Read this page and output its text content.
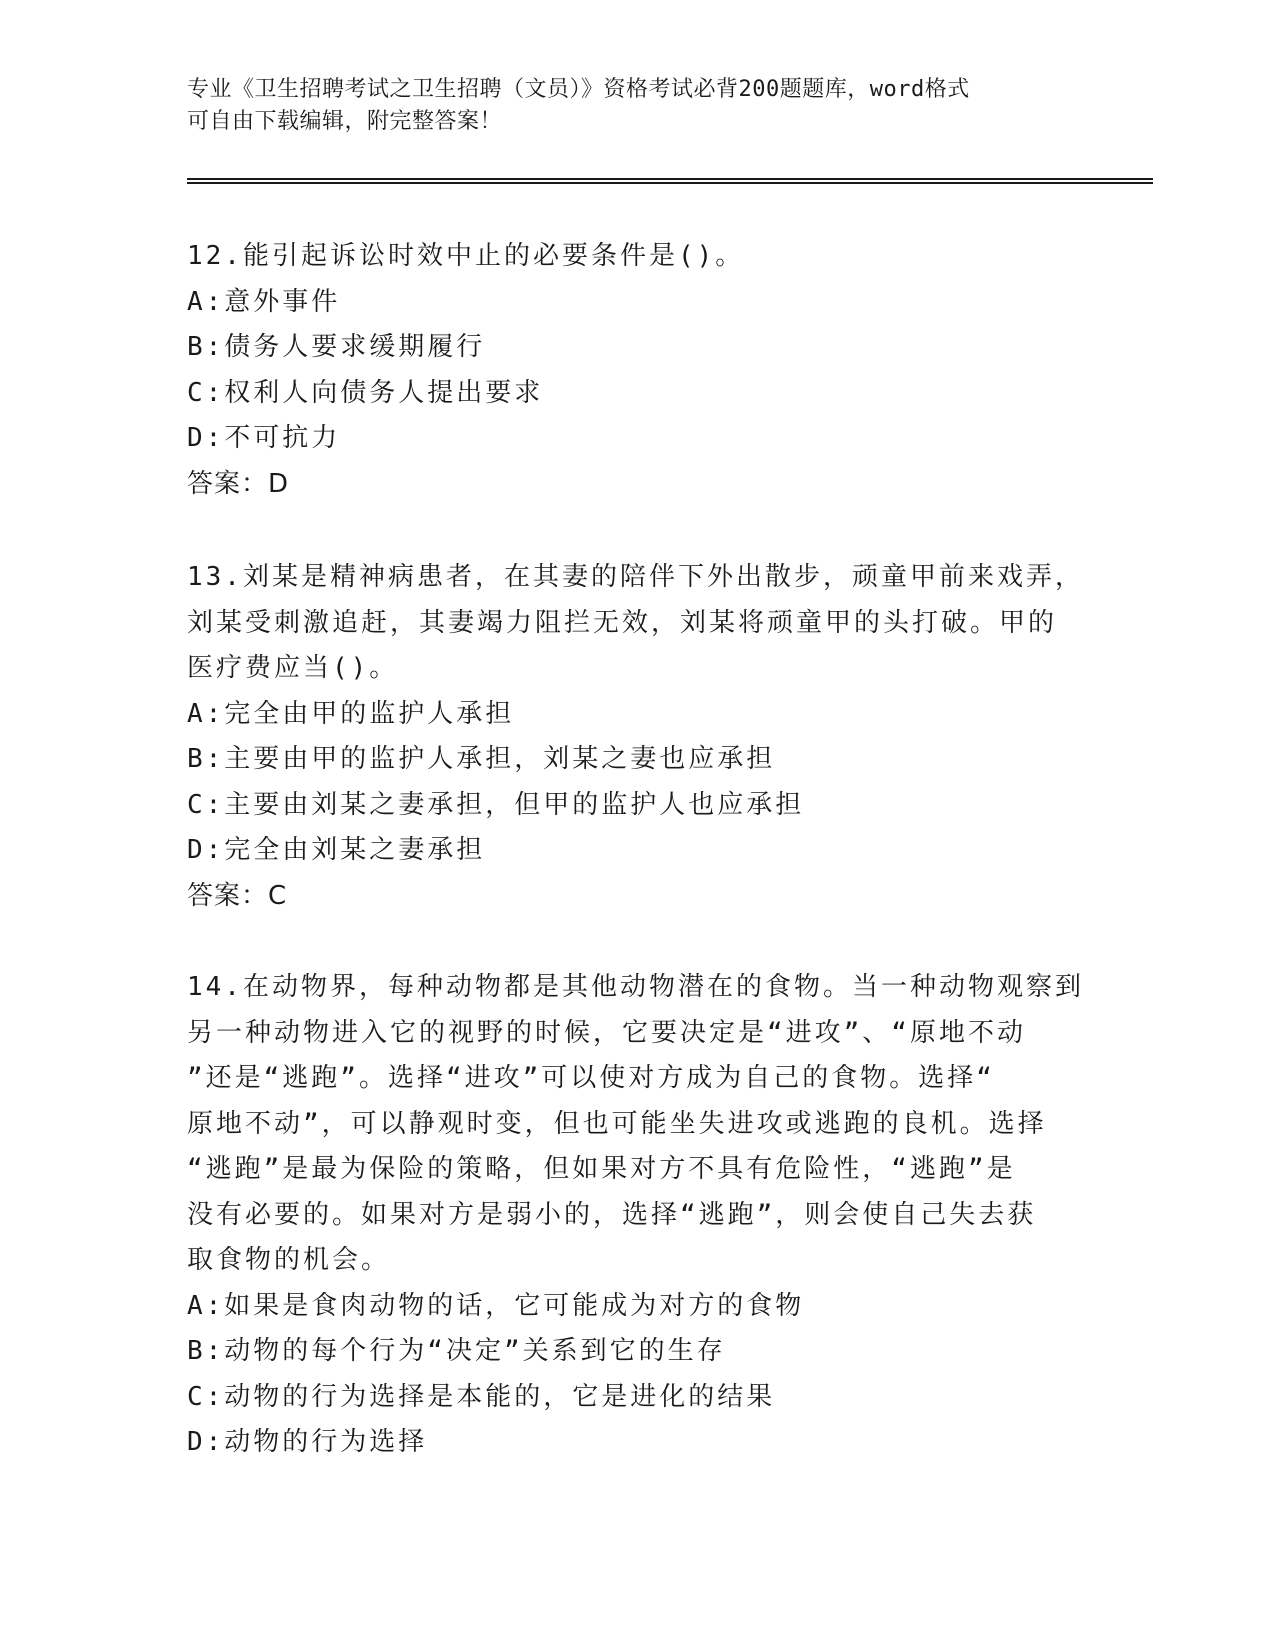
专业《卫生招聘考试之卫生招聘（文员）》资格考试必背200题题库，word格式
可自由下载编辑，附完整答案！

12.能引起诉讼时效中止的必要条件是()。

A:意外事件

B:债务人要求缓期履行

C:权利人向债务人提出要求

D:不可抗力

答案：D

13.刘某是精神病患者，在其妻的陪伴下外出散步，顽童甲前来戏弄，

刘某受刺激追赶，其妻竭力阻拦无效，刘某将顽童甲的头打破。甲的

医疗费应当()。

A:完全由甲的监护人承担

B:主要由甲的监护人承担，刘某之妻也应承担

C:主要由刘某之妻承担，但甲的监护人也应承担

D:完全由刘某之妻承担

答案：C

14.在动物界，每种动物都是其他动物潜在的食物。当一种动物观察到

另一种动物进入它的视野的时候，它要决定是“进攻”、“原地不动

”还是“逃跑”。选择“进攻”可以使对方成为自己的食物。选择“

原地不动”，可以静观时变，但也可能坐失进攻或逃跑的良机。选择

“逃跑”是最为保险的策略，但如果对方不具有危险性，“逃跑”是

没有必要的。如果对方是弱小的，选择“逃跑”，则会使自己失去获

取食物的机会。

A:如果是食肉动物的话，它可能成为对方的食物

B:动物的每个行为“决定”关系到它的生存

C:动物的行为选择是本能的，它是进化的结果

D:动物的行为选择
